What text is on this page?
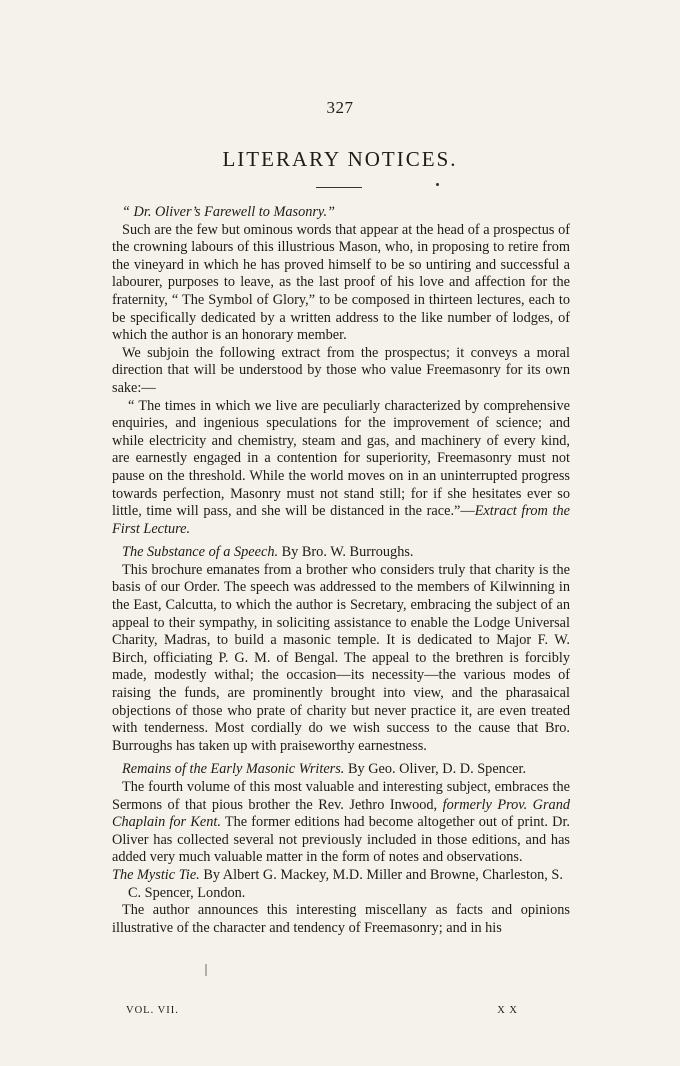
327
LITERARY NOTICES.

“ Dr. Oliver’s Farewell to Masonry.”

Such are the few but ominous words that appear at the head of a prospectus of the crowning labours of this illustrious Mason, who, in proposing to retire from the vineyard in which he has proved himself to be so untiring and successful a labourer, purposes to leave, as the last proof of his love and affection for the fraternity, “ The Symbol of Glory,” to be composed in thirteen lectures, each to be specifically dedicated by a written address to the like number of lodges, of which the author is an honorary member.

We subjoin the following extract from the prospectus; it conveys a moral direction that will be understood by those who value Freemasonry for its own sake:—

“ The times in which we live are peculiarly characterized by comprehensive enquiries, and ingenious speculations for the improvement of science; and while electricity and chemistry, steam and gas, and machinery of every kind, are earnestly engaged in a contention for superiority, Freemasonry must not pause on the threshold. While the world moves on in an uninterrupted progress towards perfection, Masonry must not stand still; for if she hesitates ever so little, time will pass, and she will be distanced in the race.”—Extract from the First Lecture.

The Substance of a Speech. By Bro. W. Burroughs.

This brochure emanates from a brother who considers truly that charity is the basis of our Order. The speech was addressed to the members of Kilwinning in the East, Calcutta, to which the author is Secretary, embracing the subject of an appeal to their sympathy, in soliciting assistance to enable the Lodge Universal Charity, Madras, to build a masonic temple. It is dedicated to Major F. W. Birch, officiating P. G. M. of Bengal. The appeal to the brethren is forcibly made, modestly withal; the occasion—its necessity—the various modes of raising the funds, are prominently brought into view, and the pharasaical objections of those who prate of charity but never practice it, are even treated with tenderness. Most cordially do we wish success to the cause that Bro. Burroughs has taken up with praiseworthy earnestness.

Remains of the Early Masonic Writers. By Geo. Oliver, D. D. Spencer.

The fourth volume of this most valuable and interesting subject, embraces the Sermons of that pious brother the Rev. Jethro Inwood, formerly Prov. Grand Chaplain for Kent. The former editions had become altogether out of print. Dr. Oliver has collected several not previously included in those editions, and has added very much valuable matter in the form of notes and observations.

The Mystic Tie. By Albert G. Mackey, M.D. Miller and Browne, Charleston, S. C. Spencer, London.

The author announces this interesting miscellany as facts and opinions illustrative of the character and tendency of Freemasonry; and in his

VOL. VII.	X X
